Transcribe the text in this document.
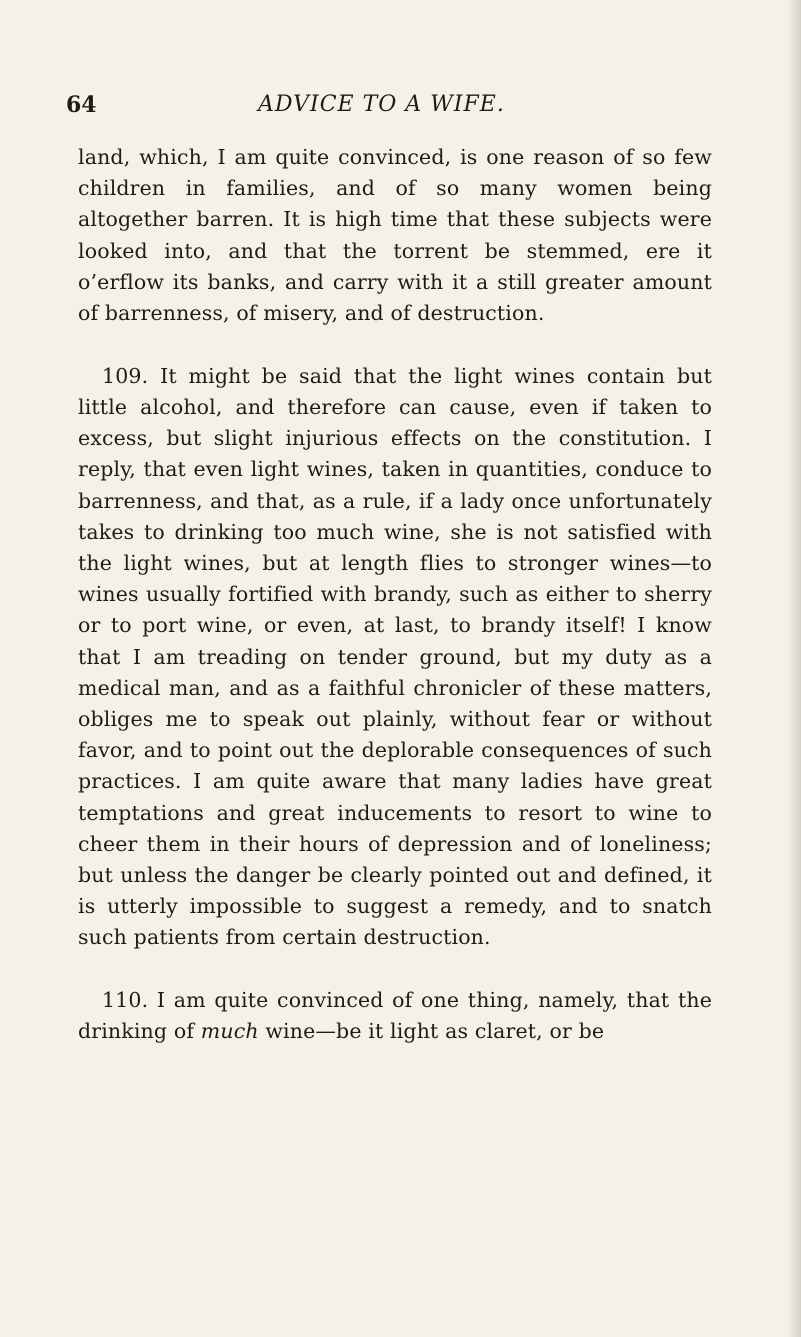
64	ADVICE TO A WIFE.

land, which, I am quite convinced, is one reason of so few children in families, and of so many women being altogether barren. It is high time that these subjects were looked into, and that the torrent be stemmed, ere it o’erflow its banks, and carry with it a still greater amount of barrenness, of misery, and of destruction.

109. It might be said that the light wines contain but little alcohol, and therefore can cause, even if taken to excess, but slight injurious effects on the constitution. I reply, that even light wines, taken in quantities, conduce to barrenness, and that, as a rule, if a lady once unfortunately takes to drinking too much wine, she is not satisfied with the light wines, but at length flies to stronger wines—to wines usually fortified with brandy, such as either to sherry or to port wine, or even, at last, to brandy itself! I know that I am treading on tender ground, but my duty as a medical man, and as a faithful chronicler of these matters, obliges me to speak out plainly, without fear or without favor, and to point out the deplorable consequences of such practices. I am quite aware that many ladies have great temptations and great inducements to resort to wine to cheer them in their hours of depression and of loneliness; but unless the danger be clearly pointed out and defined, it is utterly impossible to suggest a remedy, and to snatch such patients from certain destruction.

110. I am quite convinced of one thing, namely, that the drinking of much wine—be it light as claret, or be
